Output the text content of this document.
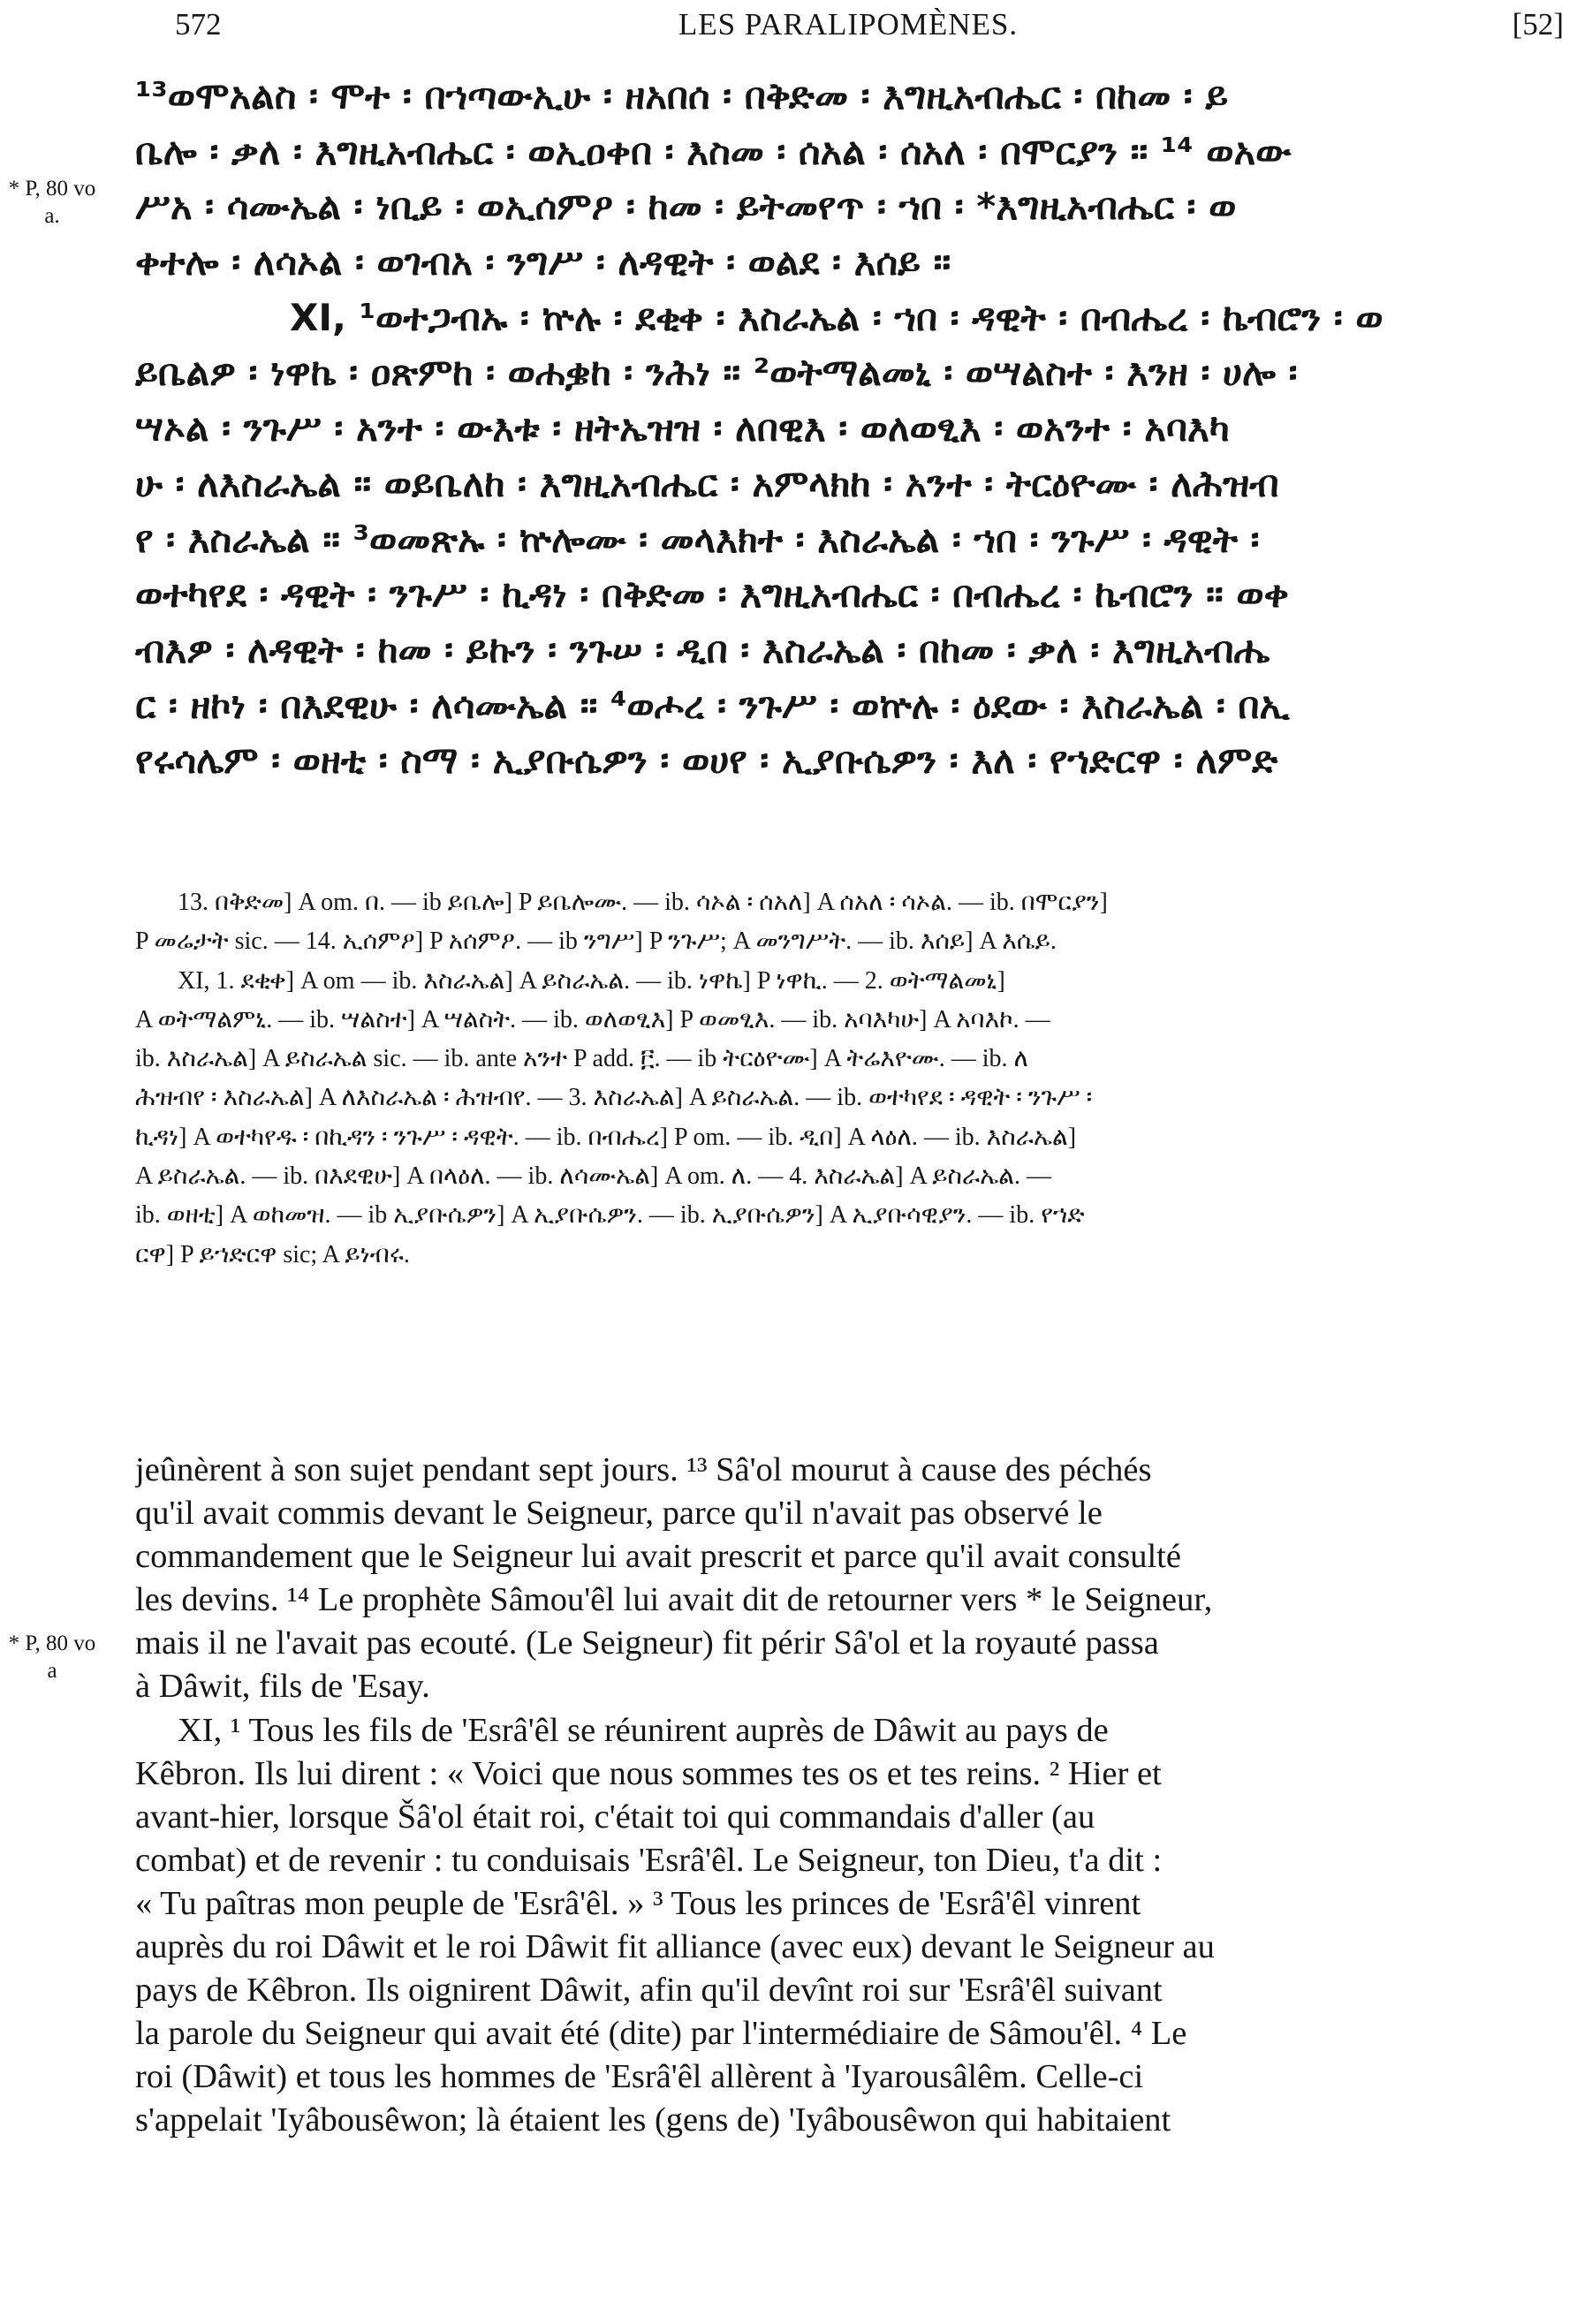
572	LES PARALIPOMÈNES.	[52]
* P, 80 vo a.
* P, 80 vo a
¹³ወሞአልስ ፡ ሞተ ፡ በኀጣውኢሁ ፡ ዘአበሰ ፡ በቅድመ ፡ እግዚአብሔር ፡ በከመ ፡ ይ
ቤሎ ፡ ቃለ ፡ እግዚአብሔር ፡ ወኢዐቀበ ፡ እስመ ፡ ሰአል ፡ ሰአለ ፡ በሞርያን ። ¹⁴ ወአው
ሥአ ፡ ሳሙኤል ፡ ነቢይ ፡ ወኢሰምዖ ፡ ከመ ፡ ይትመየጥ ፡ ኀበ ፡ *እግዚአብሔር ፡ ወ
ቀተሎ ፡ ለሳኦል ፡ ወገብአ ፡ ንግሥ ፡ ለዳዊት ፡ ወልደ ፡ እሰይ ።
XI, ¹ወተጋብኡ ፡ ኵሉ ፡ ደቂቀ ፡ እስራኤል ፡ ኀበ ፡ ዳዊት ፡ በብሔረ ፡ ኬብሮን ፡ ወ
ይቤልዎ ፡ ነዋኬ ፡ ዐጽምከ ፡ ወሐቌከ ፡ ንሕነ ። ²ወትማልመኒ ፡ ወሣልስተ ፡ እንዘ ፡ ሀሎ ፡
ሣኦል ፡ ንጉሥ ፡ አንተ ፡ ውእቱ ፡ ዘትኤዝዝ ፡ ለበዊእ ፡ ወለወፂእ ፡ ወአንተ ፡ አባእካ
ሁ ፡ ለእስራኤል ። ወይቤለከ ፡ እግዚአብሔር ፡ አምላክከ ፡ አንተ ፡ ትርዕዮሙ ፡ ለሕዝብ
የ ፡ እስራኤል ። ³ወመጽኡ ፡ ኵሎሙ ፡ መላእክተ ፡ እስራኤል ፡ ኀበ ፡ ንጉሥ ፡ ዳዊት ፡
ወተካየደ ፡ ዳዊት ፡ ንጉሥ ፡ ኪዳነ ፡ በቅድመ ፡ እግዚአብሔር ፡ በብሔረ ፡ ኬብሮን ። ወቀ
ብእዎ ፡ ለዳዊት ፡ ከመ ፡ ይኩን ፡ ንጉሠ ፡ ዲበ ፡ እስራኤል ፡ በከመ ፡ ቃለ ፡ እግዚአብሔ
ር ፡ ዘኮነ ፡ በእደዊሁ ፡ ለሳሙኤል ። ⁴ወሖረ ፡ ንጉሥ ፡ ወኵሉ ፡ ዕደው ፡ እስራኤል ፡ በኢ
የሩሳሌም ፡ ወዘቲ ፡ ስማ ፡ ኢያቡሴዎን ፡ ወሀየ ፡ ኢያቡሴዎን ፡ እለ ፡ የኀድርዋ ፡ ለምድ
13. በቅድመ] A om. በ. — ib ይቤሎ] P ይቤሎሙ. — ib. ሳኦል ፡ ሰአለ] A ሰአለ ፡ ሳኦል. — ib. በሞርያን]
P መሬታት sic. — 14. ኢሰምዖ] P አሰምዖ. — ib ንግሥ] P ንጉሥ; A መንግሥት. — ib. እሰይ] A እሴይ.
XI, 1. ደቂቀ] A om — ib. እስራኤል] A ይስራኤል. — ib. ነዋኬ] P ነዋኪ. — 2. ወትማልመኒ]
A ወትማልምኒ. — ib. ሣልስተ] A ሣልስት. — ib. ወለወፂእ] P ወመፂእ. — ib. አባእካሁ] A አባእኮ. —
ib. እስራኤል] A ይስራኤል sic. — ib. ante አንተ P add. ፫. — ib ትርዕዮሙ] A ትሬእዮሙ. — ib. ለ
ሕዝብየ ፡ እስራኤል] A ለእስራኤል ፡ ሕዝብየ. — 3. እስራኤል] A ይስራኤል. — ib. ወተካየደ ፡ ዳዊት ፡ ንጉሥ ፡
ኪዳነ] A ወተካየዱ ፡ በኪዳን ፡ ንጉሥ ፡ ዳዊት. — ib. በብሔረ] P om. — ib. ዲበ] A ላዕለ. — ib. እስራኤል]
A ይስራኤል. — ib. በእደዊሁ] A በላዕለ. — ib. ለሳሙኤል] A om. ለ. — 4. እስራኤል] A ይስራኤል. —
ib. ወዘቲ] A ወከመዝ. — ib ኢያቡሴዎን] A ኢያቡሴዎን. — ib. ኢያቡሴዎን] A ኢያቡሳዊያን. — ib. የኀድ
ርዋ] P ይኀድርዋ sic; A ይነብሩ.
jeûnèrent à son sujet pendant sept jours. ¹³ Sâ'ol mourut à cause des péchés
qu'il avait commis devant le Seigneur, parce qu'il n'avait pas observé le
commandement que le Seigneur lui avait prescrit et parce qu'il avait consulté
les devins. ¹⁴ Le prophète Sâmou'êl lui avait dit de retourner vers * le Seigneur,
mais il ne l'avait pas ecouté. (Le Seigneur) fit périr Sâ'ol et la royauté passa
à Dâwit, fils de 'Esay.
XI, ¹ Tous les fils de 'Esrâ'êl se réunirent auprès de Dâwit au pays de
Kêbron. Ils lui dirent : « Voici que nous sommes tes os et tes reins. ² Hier et
avant-hier, lorsque Šâ'ol était roi, c'était toi qui commandais d'aller (au
combat) et de revenir : tu conduisais 'Esrâ'êl. Le Seigneur, ton Dieu, t'a dit :
« Tu paîtras mon peuple de 'Esrâ'êl. » ³ Tous les princes de 'Esrâ'êl vinrent
auprès du roi Dâwit et le roi Dâwit fit alliance (avec eux) devant le Seigneur au
pays de Kêbron. Ils oignirent Dâwit, afin qu'il devînt roi sur 'Esrâ'êl suivant
la parole du Seigneur qui avait été (dite) par l'intermédiaire de Sâmou'êl. ⁴ Le
roi (Dâwit) et tous les hommes de 'Esrâ'êl allèrent à 'Iyarousâlêm. Celle-ci
s'appelait 'Iyâbousêwon; là étaient les (gens de) 'Iyâbousêwon qui habitaient
